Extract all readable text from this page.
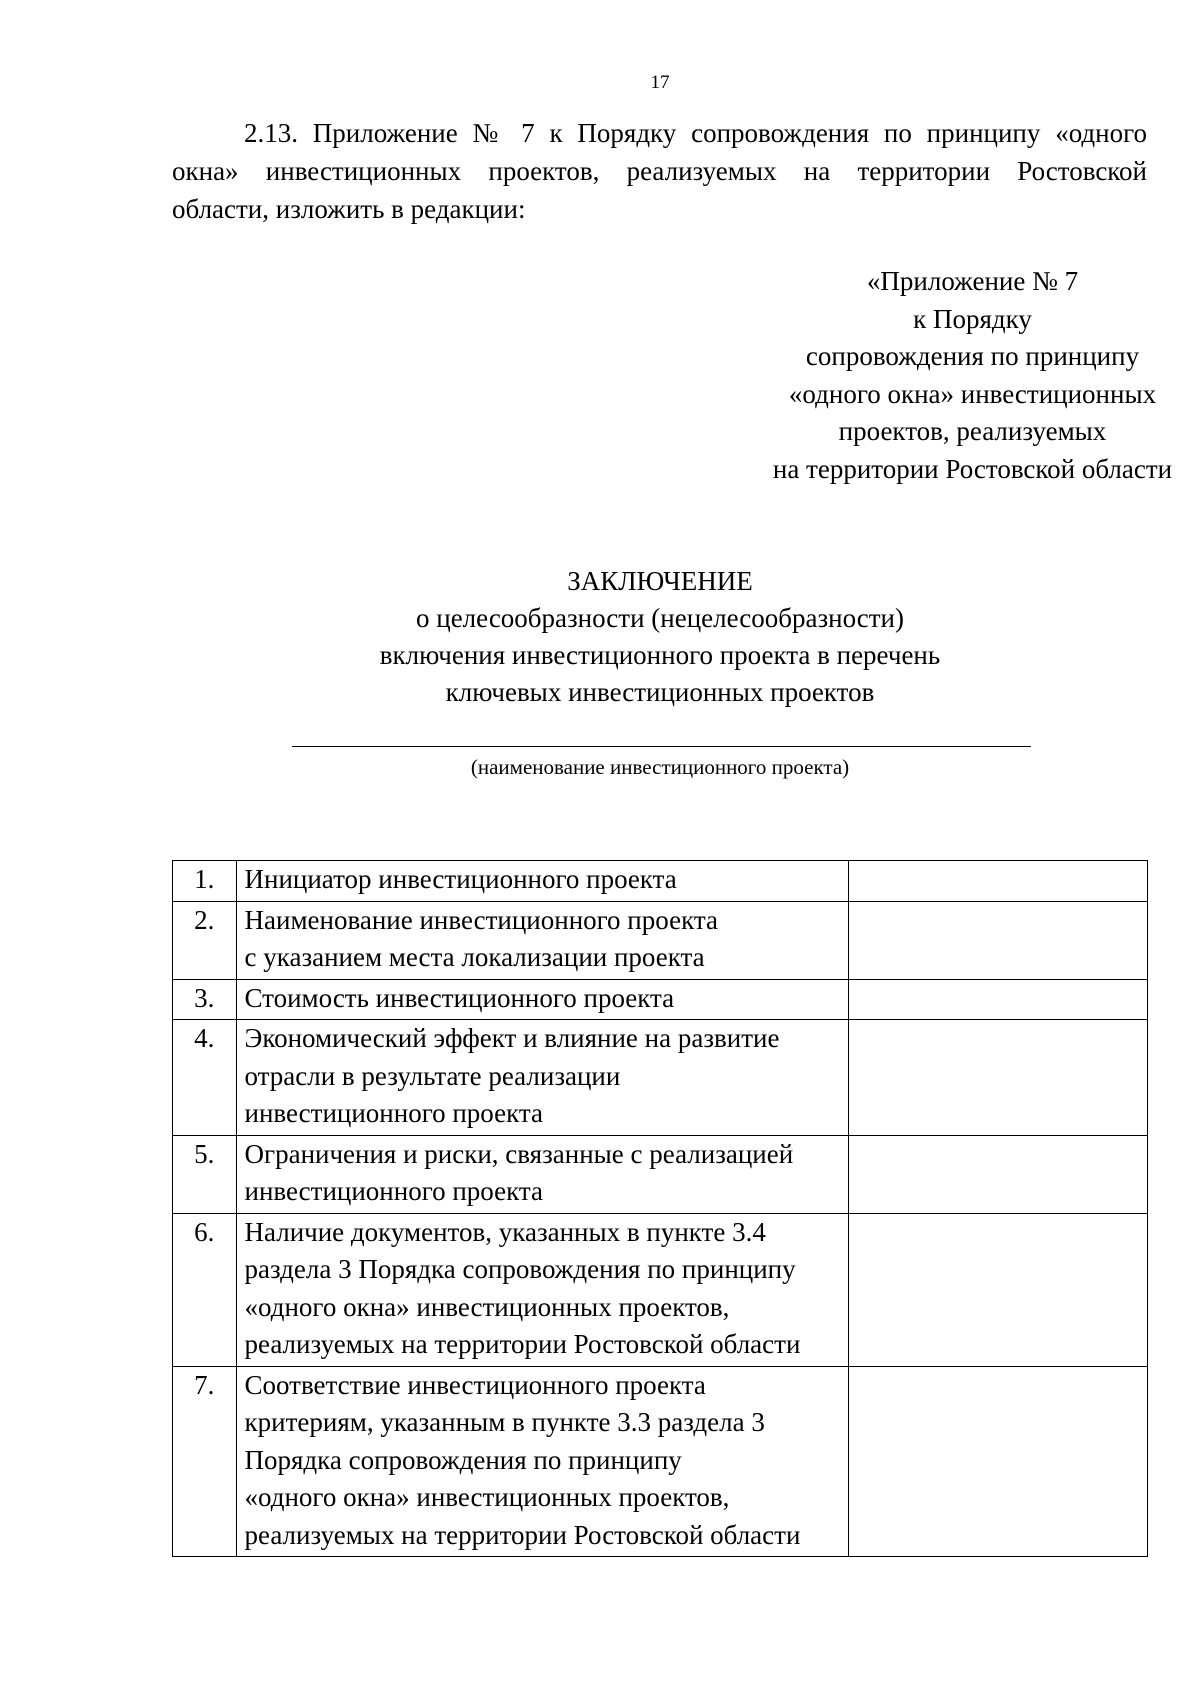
17

2.13. Приложение № 7 к Порядку сопровождения по принципу «одного
окна» инвестиционных проектов, реализуемых на территории Ростовской
области, изложить в редакции:

«Приложение № 7
к Порядку
сопровождения по принципу
«одного окна» инвестиционных
проектов, реализуемых
на территории Ростовской области
ЗАКЛЮЧЕНИЕ
о целесообразности (нецелесообразности)
включения инвестиционного проекта в перечень
ключевых инвестиционных проектов
(наименование инвестиционного проекта)
1.	Инициатор инвестиционного проекта	

2.	Наименование инвестиционного проекта
с указанием места локализации проекта	

3.	Стоимость инвестиционного проекта	

4.	Экономический эффект и влияние на развитие
отрасли в результате реализации
инвестиционного проекта	

5.	Ограничения и риски, связанные с реализацией
инвестиционного проекта	

6.	Наличие документов, указанных в пункте 3.4
раздела 3 Порядка сопровождения по принципу
«одного окна» инвестиционных проектов,
реализуемых на территории Ростовской области	

7.	Соответствие инвестиционного проекта
критериям, указанным в пункте 3.3 раздела 3
Порядка сопровождения по принципу
«одного окна» инвестиционных проектов,
реализуемых на территории Ростовской области	
